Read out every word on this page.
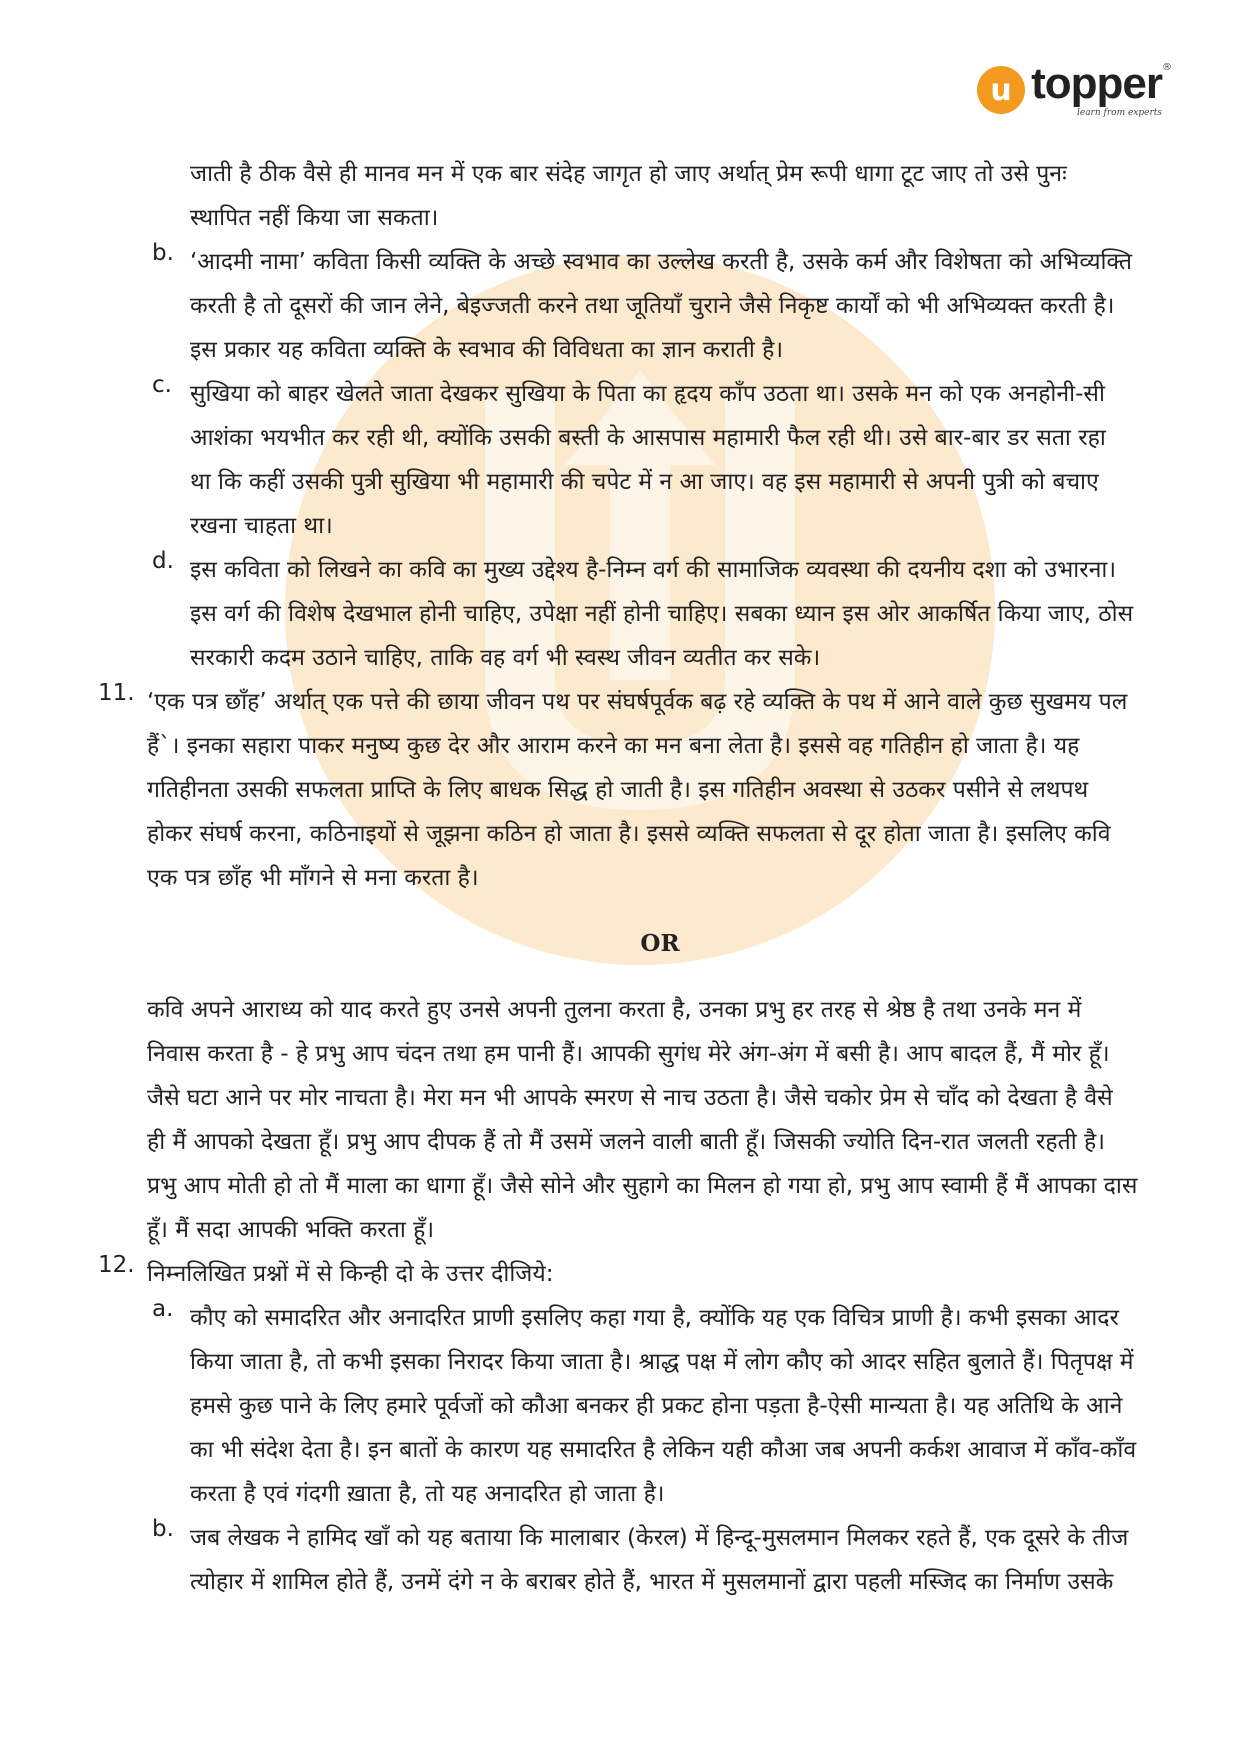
u topper
learn from experts
®

जाती है ठीक वैसे ही मानव मन में एक बार संदेह जागृत हो जाए अर्थात् प्रेम रूपी धागा टूट जाए तो उसे पुनः

स्थापित नहीं किया जा सकता।

b. ‘आदमी नामा’ कविता किसी व्यक्ति के अच्छे स्वभाव का उल्लेख करती है, उसके कर्म और विशेषता को अभिव्यक्ति

करती है तो दूसरों की जान लेने, बेइज्जती करने तथा जूतियाँ चुराने जैसे निकृष्ट कार्यों को भी अभिव्यक्त करती है।

इस प्रकार यह कविता व्यक्ति के स्वभाव की विविधता का ज्ञान कराती है।

c. सुखिया को बाहर खेलते जाता देखकर सुखिया के पिता का हृदय काँप उठता था। उसके मन को एक अनहोनी-सी

आशंका भयभीत कर रही थी, क्योंकि उसकी बस्ती के आसपास महामारी फैल रही थी। उसे बार-बार डर सता रहा

था कि कहीं उसकी पुत्री सुखिया भी महामारी की चपेट में न आ जाए। वह इस महामारी से अपनी पुत्री को बचाए

रखना चाहता था।

d. इस कविता को लिखने का कवि का मुख्य उद्देश्य है-निम्न वर्ग की सामाजिक व्यवस्था की दयनीय दशा को उभारना।

इस वर्ग की विशेष देखभाल होनी चाहिए, उपेक्षा नहीं होनी चाहिए। सबका ध्यान इस ओर आकर्षित किया जाए, ठोस

सरकारी कदम उठाने चाहिए, ताकि वह वर्ग भी स्वस्थ जीवन व्यतीत कर सके।

11. ‘एक पत्र छाँह’ अर्थात् एक पत्ते की छाया जीवन पथ पर संघर्षपूर्वक बढ़ रहे व्यक्ति के पथ में आने वाले कुछ सुखमय पल

हैं`। इनका सहारा पाकर मनुष्य कुछ देर और आराम करने का मन बना लेता है। इससे वह गतिहीन हो जाता है। यह

गतिहीनता उसकी सफलता प्राप्ति के लिए बाधक सिद्ध हो जाती है। इस गतिहीन अवस्था से उठकर पसीने से लथपथ

होकर संघर्ष करना, कठिनाइयों से जूझना कठिन हो जाता है। इससे व्यक्ति सफलता से दूर होता जाता है। इसलिए कवि

एक पत्र छाँह भी माँगने से मना करता है।

OR

कवि अपने आराध्य को याद करते हुए उनसे अपनी तुलना करता है, उनका प्रभु हर तरह से श्रेष्ठ है तथा उनके मन में

निवास करता है - हे प्रभु आप चंदन तथा हम पानी हैं। आपकी सुगंध मेरे अंग-अंग में बसी है। आप बादल हैं, मैं मोर हूँ।

जैसे घटा आने पर मोर नाचता है। मेरा मन भी आपके स्मरण से नाच उठता है। जैसे चकोर प्रेम से चाँद को देखता है वैसे

ही मैं आपको देखता हूँ। प्रभु आप दीपक हैं तो मैं उसमें जलने वाली बाती हूँ। जिसकी ज्योति दिन-रात जलती रहती है।

प्रभु आप मोती हो तो मैं माला का धागा हूँ। जैसे सोने और सुहागे का मिलन हो गया हो, प्रभु आप स्वामी हैं मैं आपका दास

हूँ। मैं सदा आपकी भक्ति करता हूँ।

12. निम्नलिखित प्रश्नों में से किन्ही दो के उत्तर दीजिये:

a. कौए को समादरित और अनादरित प्राणी इसलिए कहा गया है, क्योंकि यह एक विचित्र प्राणी है। कभी इसका आदर

किया जाता है, तो कभी इसका निरादर किया जाता है। श्राद्ध पक्ष में लोग कौए को आदर सहित बुलाते हैं। पितृपक्ष में

हमसे कुछ पाने के लिए हमारे पूर्वजों को कौआ बनकर ही प्रकट होना पड़ता है-ऐसी मान्यता है। यह अतिथि के आने

का भी संदेश देता है। इन बातों के कारण यह समादरित है लेकिन यही कौआ जब अपनी कर्कश आवाज में काँव-काँव

करता है एवं गंदगी ख़ाता है, तो यह अनादरित हो जाता है।

b. जब लेखक ने हामिद खाँ को यह बताया कि मालाबार (केरल) में हिन्दू-मुसलमान मिलकर रहते हैं, एक दूसरे के तीज

त्योहार में शामिल होते हैं, उनमें दंगे न के बराबर होते हैं, भारत में मुसलमानों द्वारा पहली मस्जिद का निर्माण उसके
